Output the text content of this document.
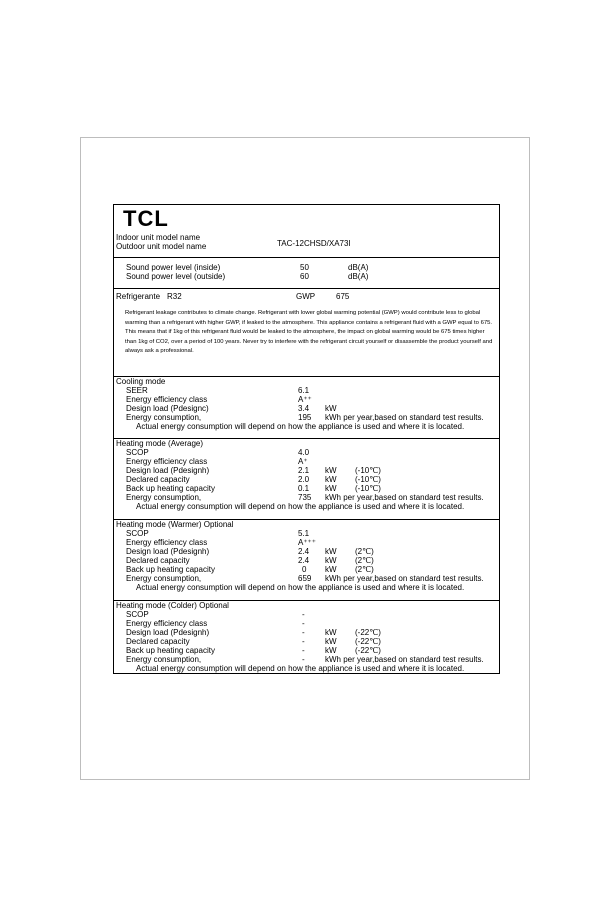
TCL
Indoor unit model name
Outdoor unit model name	TAC-12CHSD/XA73I
Sound power level (inside)	50	dB(A)
Sound power level (outside)	60	dB(A)
Refrigerante R32	GWP	675
Refrigerant leakage contributes to climate change. Refrigerant with lower global warming potential (GWP) would contribute less to global warming than a refrigerant with higher GWP, if leaked to the atmosphere. This appliance contains a refrigerant fluid with a GWP equal to 675. This means that if 1kg of this refrigerant fluid would be leaked to the atmosphere, the impact on global warming would be 675 times higher than 1kg of CO2, over a period of 100 years. Never try to interfere with the refrigerant circuit yourself or disassemble the product yourself and always ask a professional.
Cooling mode
SEER	6.1
Energy efficiency class	A⁺⁺
Design load (Pdesignc)	3.4 kW
Energy consumption,	195 kWh per year,based on standard test results.
Actual energy consumption will depend on how the appliance is used and where it is located.
Heating mode (Average)
SCOP	4.0
Energy efficiency class	A⁺
Design load (Pdesignh)	2.1 kW (-10℃)
Declared capacity	2.0 kW (-10℃)
Back up heating capacity	0.1 kW (-10℃)
Energy consumption,	735 kWh per year,based on standard test results.
Actual energy consumption will depend on how the appliance is used and where it is located.
Heating mode (Warmer) Optional
SCOP	5.1
Energy efficiency class	A⁺⁺⁺
Design load (Pdesignh)	2.4 kW (2℃)
Declared capacity	2.4 kW (2℃)
Back up heating capacity	0 kW (2℃)
Energy consumption,	659 kWh per year,based on standard test results.
Actual energy consumption will depend on how the appliance is used and where it is located.
Heating mode (Colder) Optional
SCOP	-
Energy efficiency class	-
Design load (Pdesignh)	-	kW (-22℃)
Declared capacity	-	kW (-22℃)
Back up heating capacity	-	kW (-22℃)
Energy consumption,	-	kWh per year,based on standard test results.
Actual energy consumption will depend on how the appliance is used and where it is located.
